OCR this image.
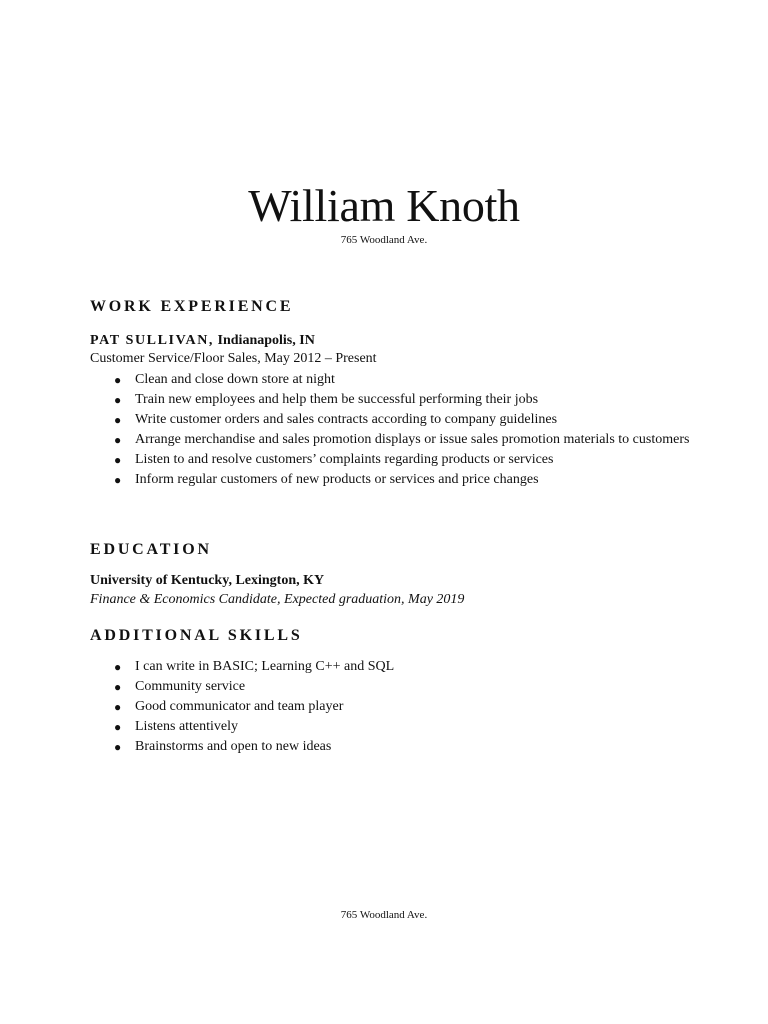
William Knoth
765 Woodland Ave.
WORK EXPERIENCE
PAT SULLIVAN, Indianapolis, IN
Customer Service/Floor Sales, May 2012 – Present
● Clean and close down store at night
● Train new employees and help them be successful performing their jobs
● Write customer orders and sales contracts according to company guidelines
● Arrange merchandise and sales promotion displays or issue sales promotion materials to customers
● Listen to and resolve customers’ complaints regarding products or services
● Inform regular customers of new products or services and price changes
EDUCATION
University of Kentucky, Lexington, KY
Finance & Economics Candidate, Expected graduation, May 2019
ADDITIONAL SKILLS
● I can write in BASIC; Learning C++ and SQL
● Community service
● Good communicator and team player
● Listens attentively
● Brainstorms and open to new ideas
765 Woodland Ave.
